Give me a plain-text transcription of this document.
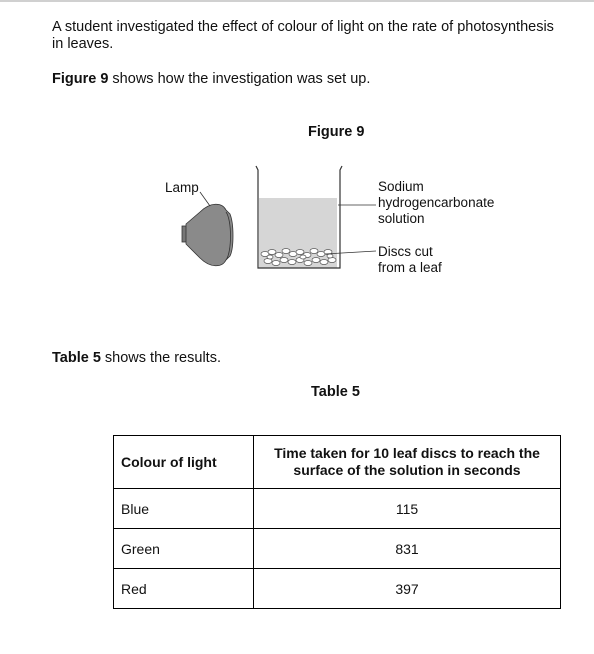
A student investigated the effect of colour of light on the rate of photosynthesis
in leaves.
Figure 9 shows how the investigation was set up.
Figure 9
Lamp	Sodium
hydrogencarbonate
solution
Discs cut
from a leaf
Table 5 shows the results.
Table 5
Colour of light	Time taken for 10 leaf discs to reach the
surface of the solution in seconds

Blue	115
Green	831
Red	397
